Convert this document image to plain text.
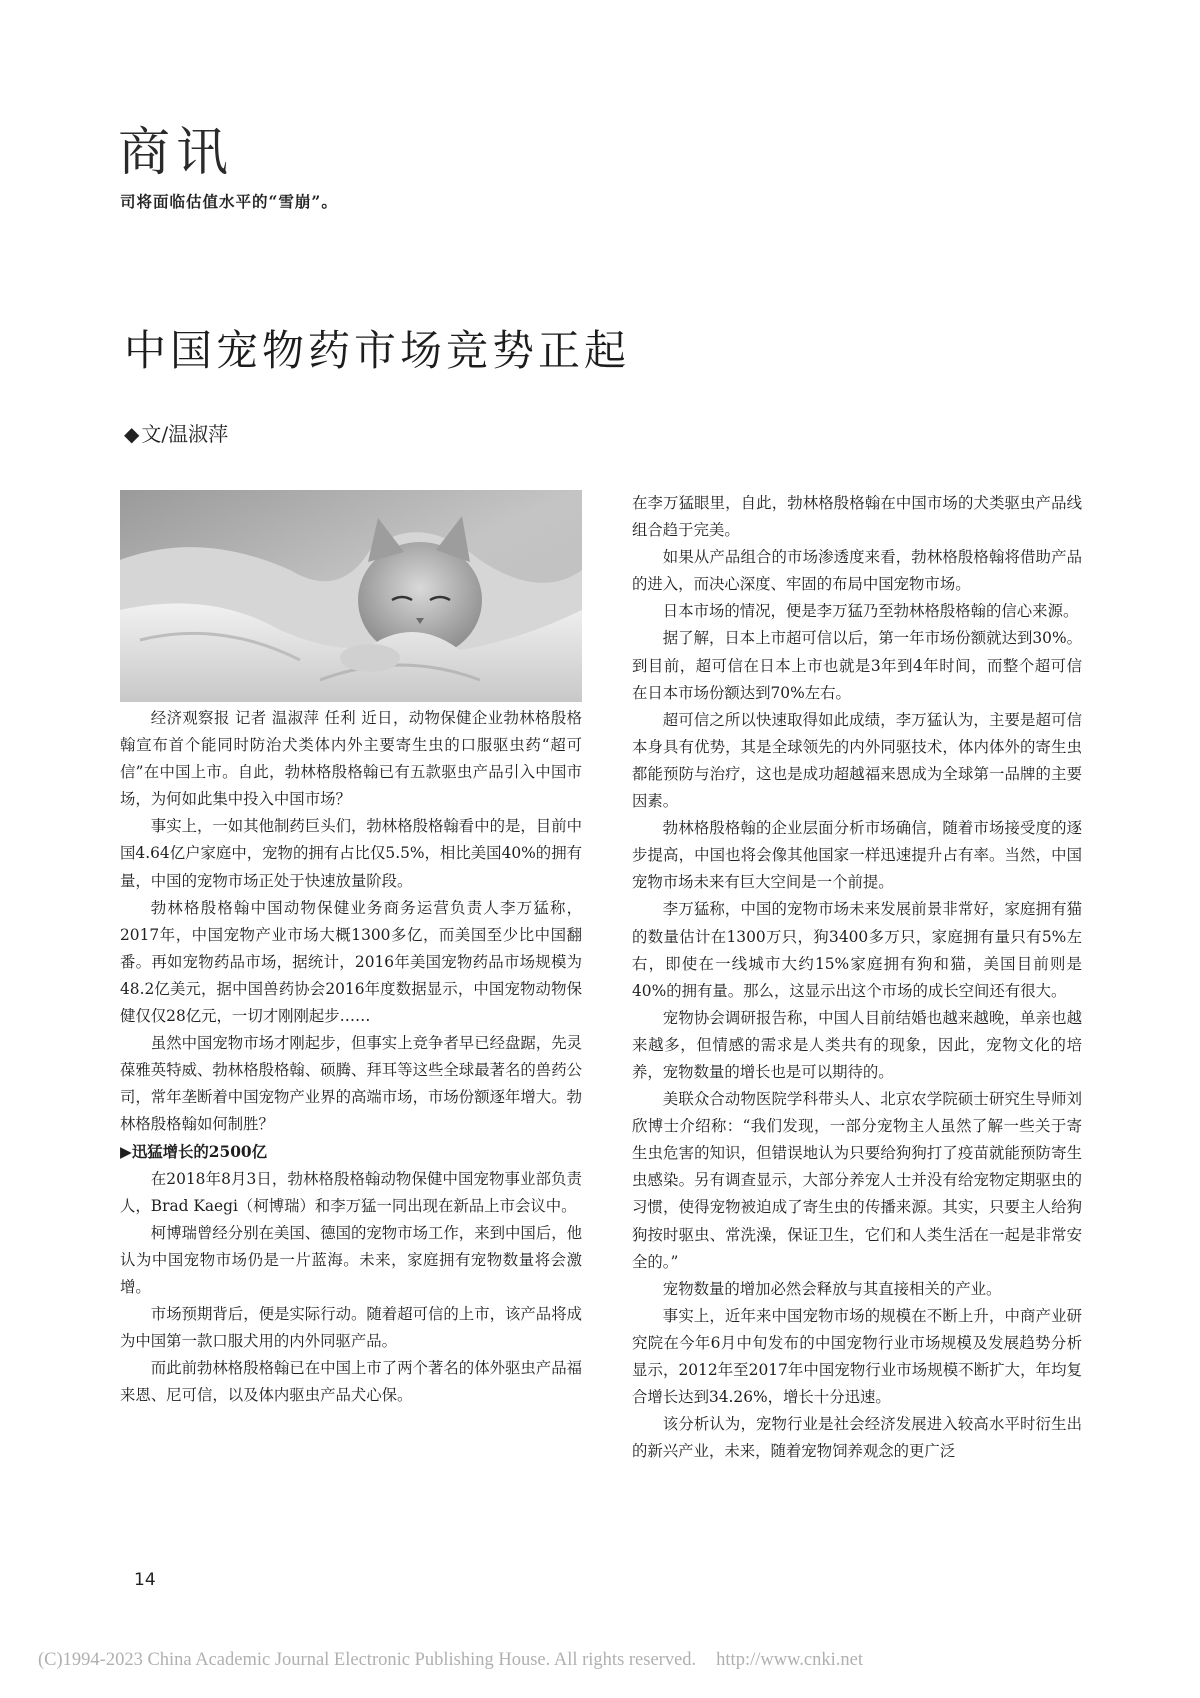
商讯
司将面临估值水平的“雪崩”。
中国宠物药市场竞势正起
◆ 文/温淑萍

经济观察报 记者 温淑萍 任利 近日，动物保健企业勃林格殷格翰宣布首个能同时防治犬类体内外主要寄生虫的口服驱虫药“超可信”在中国上市。自此，勃林格殷格翰已有五款驱虫产品引入中国市场，为何如此集中投入中国市场？

事实上，一如其他制药巨头们，勃林格殷格翰看中的是，目前中国4.64亿户家庭中，宠物的拥有占比仅5.5%，相比美国40%的拥有量，中国的宠物市场正处于快速放量阶段。

勃林格殷格翰中国动物保健业务商务运营负责人李万猛称，2017年，中国宠物产业市场大概1300多亿，而美国至少比中国翻番。再如宠物药品市场，据统计，2016年美国宠物药品市场规模为48.2亿美元，据中国兽药协会2016年度数据显示，中国宠物动物保健仅仅28亿元，一切才刚刚起步……

虽然中国宠物市场才刚起步，但事实上竞争者早已经盘踞，先灵葆雅英特威、勃林格殷格翰、硕腾、拜耳等这些全球最著名的兽药公司，常年垄断着中国宠物产业界的高端市场，市场份额逐年增大。勃林格殷格翰如何制胜？

▶迅猛增长的2500亿

在2018年8月3日，勃林格殷格翰动物保健中国宠物事业部负责人，Brad Kaegi（柯博瑞）和李万猛一同出现在新品上市会议中。

柯博瑞曾经分别在美国、德国的宠物市场工作，来到中国后，他认为中国宠物市场仍是一片蓝海。未来，家庭拥有宠物数量将会激增。

市场预期背后，便是实际行动。随着超可信的上市，该产品将成为中国第一款口服犬用的内外同驱产品。

而此前勃林格殷格翰已在中国上市了两个著名的体外驱虫产品福来恩、尼可信，以及体内驱虫产品犬心保。

在李万猛眼里，自此，勃林格殷格翰在中国市场的犬类驱虫产品线组合趋于完美。

如果从产品组合的市场渗透度来看，勃林格殷格翰将借助产品的进入，而决心深度、牢固的布局中国宠物市场。

日本市场的情况，便是李万猛乃至勃林格殷格翰的信心来源。

据了解，日本上市超可信以后，第一年市场份额就达到30%。到目前，超可信在日本上市也就是3年到4年时间，而整个超可信在日本市场份额达到70%左右。

超可信之所以快速取得如此成绩，李万猛认为，主要是超可信本身具有优势，其是全球领先的内外同驱技术，体内体外的寄生虫都能预防与治疗，这也是成功超越福来恩成为全球第一品牌的主要因素。

勃林格殷格翰的企业层面分析市场确信，随着市场接受度的逐步提高，中国也将会像其他国家一样迅速提升占有率。当然，中国宠物市场未来有巨大空间是一个前提。

李万猛称，中国的宠物市场未来发展前景非常好，家庭拥有猫的数量估计在1300万只，狗3400多万只，家庭拥有量只有5%左右，即使在一线城市大约15%家庭拥有狗和猫，美国目前则是40%的拥有量。那么，这显示出这个市场的成长空间还有很大。

宠物协会调研报告称，中国人目前结婚也越来越晚，单亲也越来越多，但情感的需求是人类共有的现象，因此，宠物文化的培养，宠物数量的增长也是可以期待的。

美联众合动物医院学科带头人、北京农学院硕士研究生导师刘欣博士介绍称：“我们发现，一部分宠物主人虽然了解一些关于寄生虫危害的知识，但错误地认为只要给狗狗打了疫苗就能预防寄生虫感染。另有调查显示，大部分养宠人士并没有给宠物定期驱虫的习惯，使得宠物被迫成了寄生虫的传播来源。其实，只要主人给狗狗按时驱虫、常洗澡，保证卫生，它们和人类生活在一起是非常安全的。”

宠物数量的增加必然会释放与其直接相关的产业。

事实上，近年来中国宠物市场的规模在不断上升，中商产业研究院在今年6月中旬发布的中国宠物行业市场规模及发展趋势分析显示，2012年至2017年中国宠物行业市场规模不断扩大，年均复合增长达到34.26%，增长十分迅速。

该分析认为，宠物行业是社会经济发展进入较高水平时衍生出的新兴产业，未来，随着宠物饲养观念的更广泛

14
(C)1994-2023 China Academic Journal Electronic Publishing House. All rights reserved. http://www.cnki.net
